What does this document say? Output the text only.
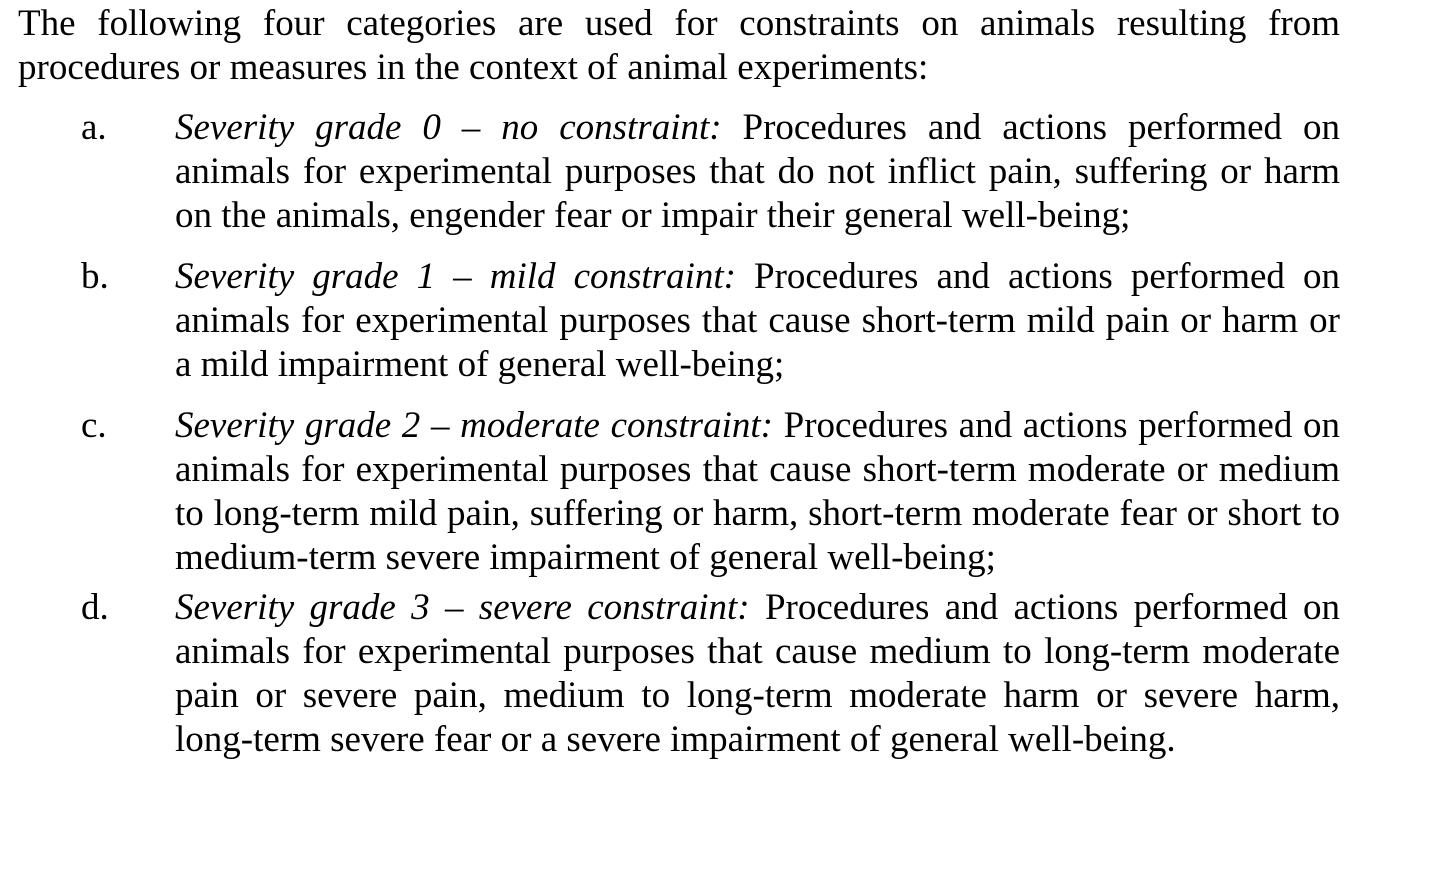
The following four categories are used for constraints on animals resulting from procedures or measures in the context of animal experiments:

a. Severity grade 0 – no constraint: Procedures and actions performed on animals for experimental purposes that do not inflict pain, suffering or harm on the animals, engender fear or impair their general well-being;
b. Severity grade 1 – mild constraint: Procedures and actions performed on animals for experimental purposes that cause short-term mild pain or harm or a mild impairment of general well-being;
c. Severity grade 2 – moderate constraint: Procedures and actions performed on animals for experimental purposes that cause short-term moderate or medium to long-term mild pain, suffering or harm, short-term moderate fear or short to medium-term severe impairment of general well-being;
d. Severity grade 3 – severe constraint: Procedures and actions performed on animals for experimental purposes that cause medium to long-term moderate pain or severe pain, medium to long-term moderate harm or severe harm, long-term severe fear or a severe impairment of general well-being.
